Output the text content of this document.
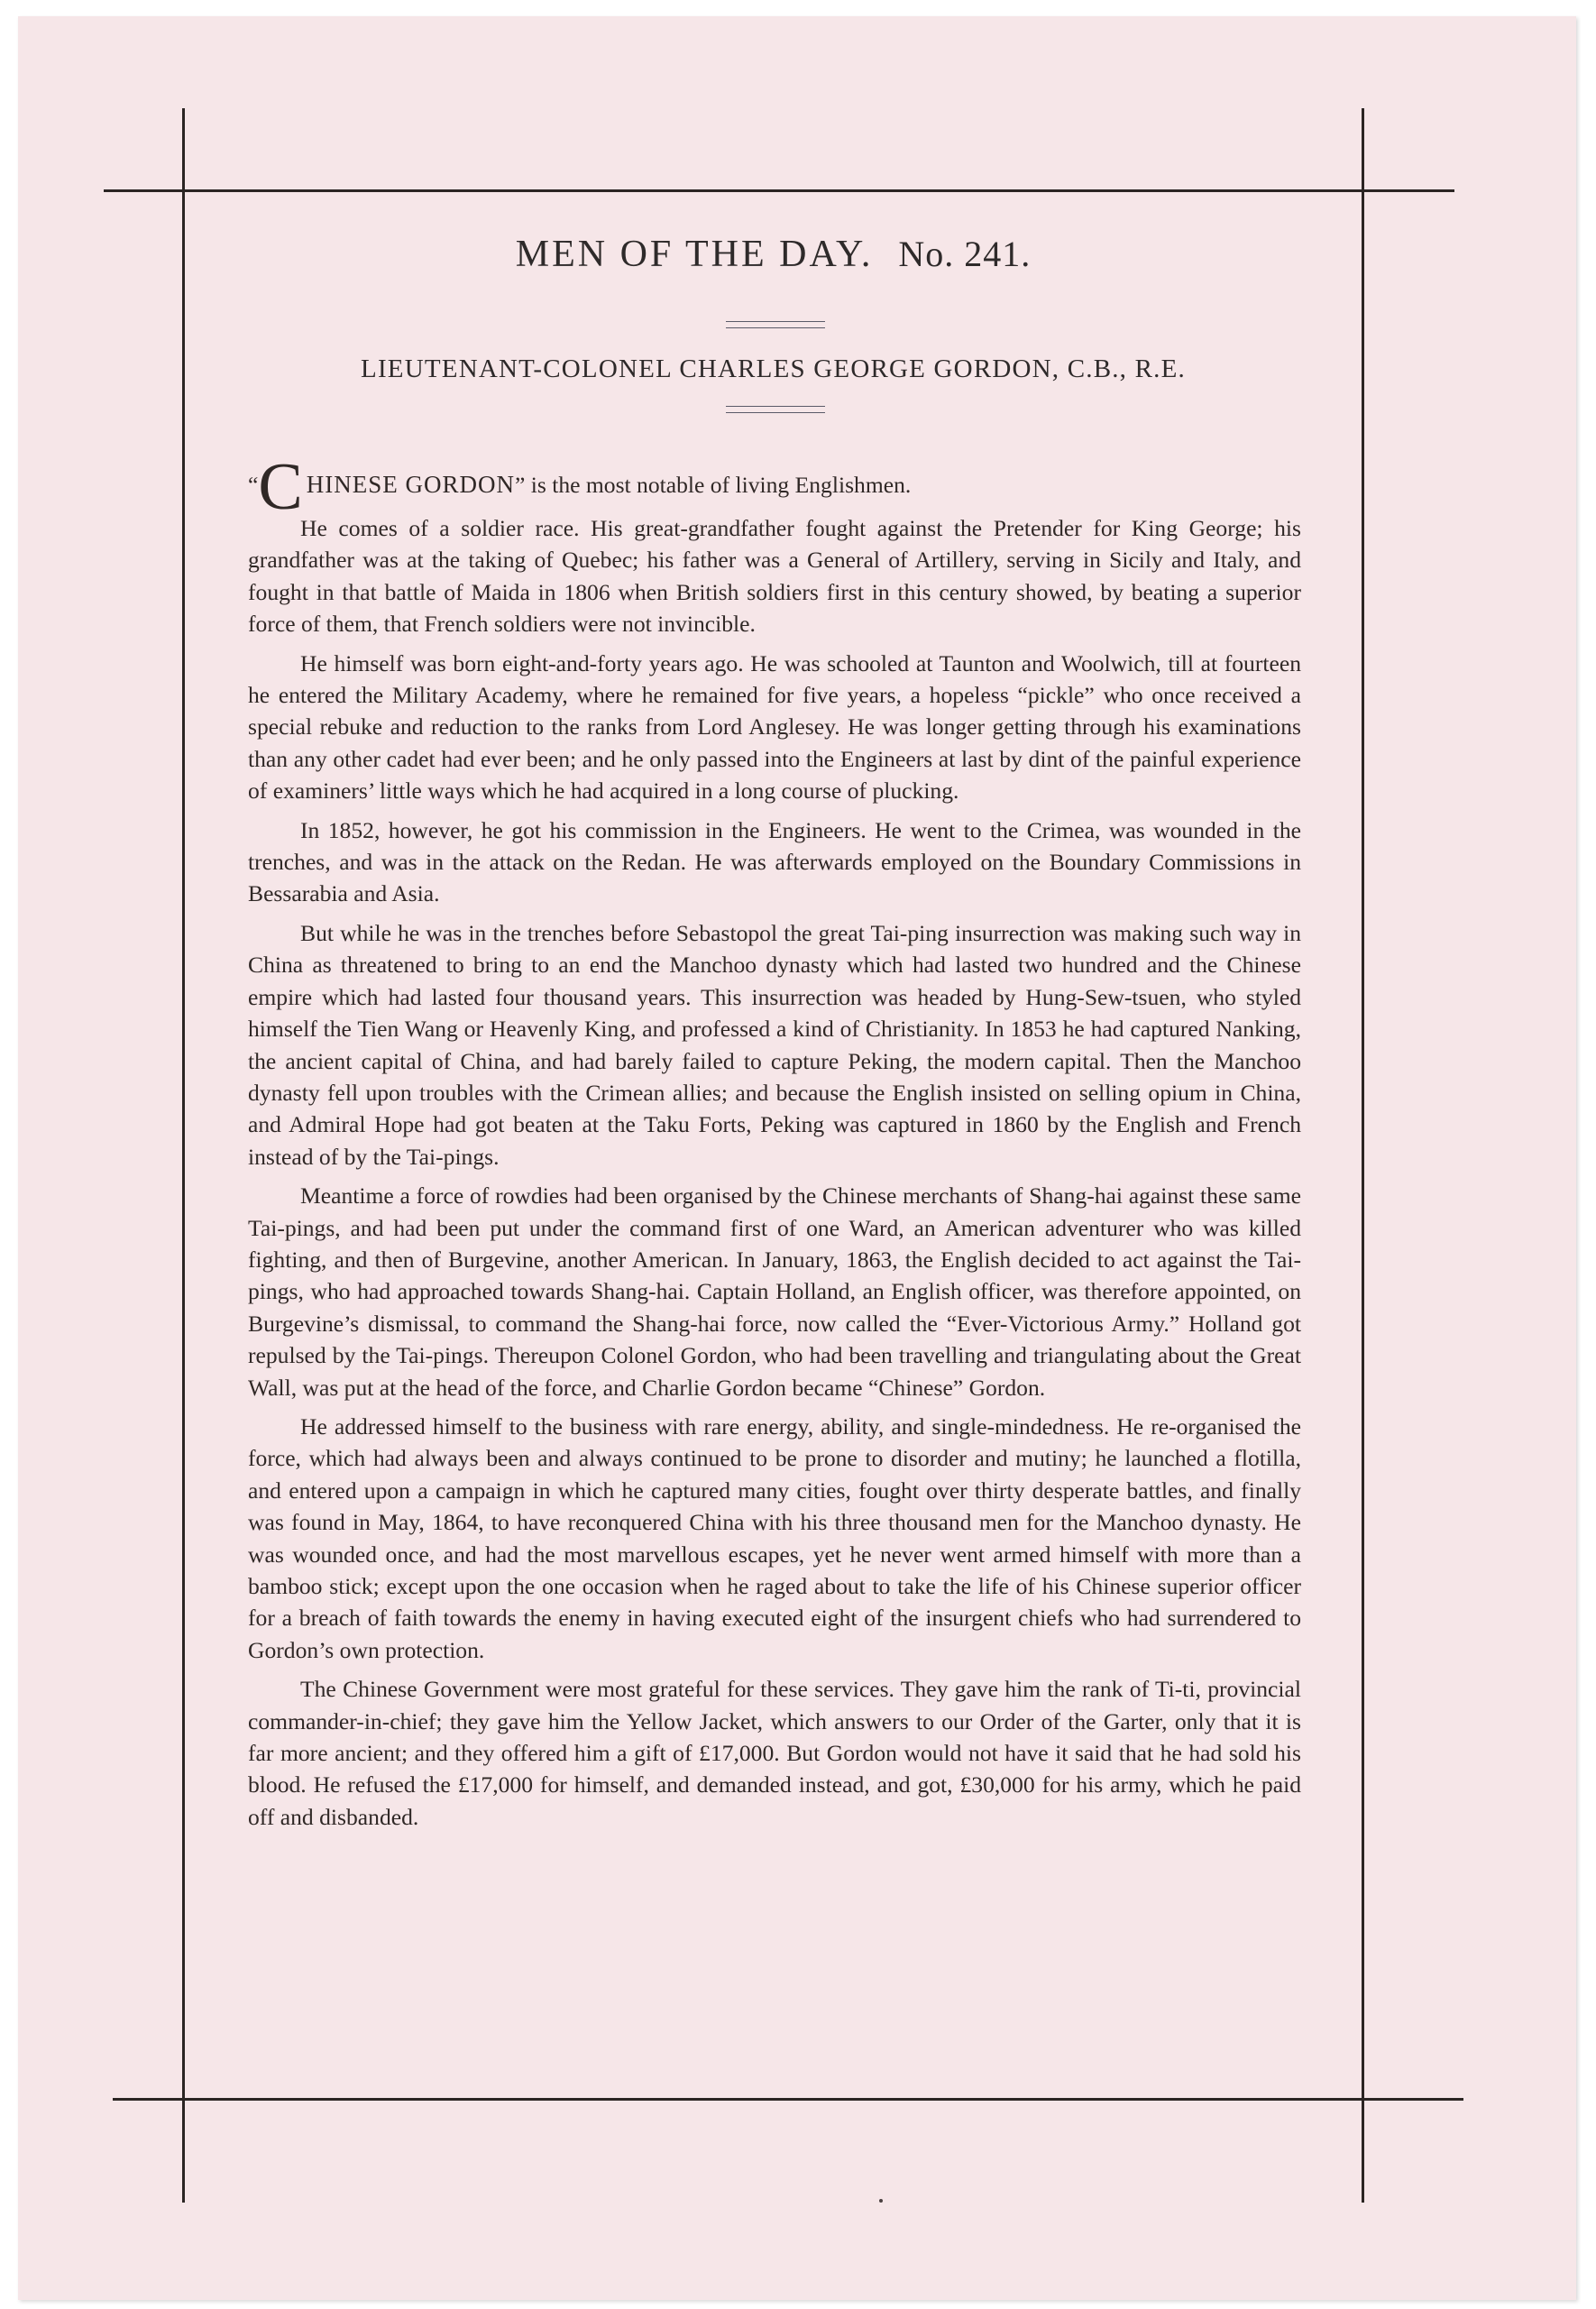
MEN OF THE DAY. No. 241.
LIEUTENANT-COLONEL CHARLES GEORGE GORDON, C.B., R.E.

“C HINESE GORDON” is the most notable of living Englishmen.

He comes of a soldier race. His great-grandfather fought against the Pretender for King George; his grandfather was at the taking of Quebec; his father was a General of Artillery, serving in Sicily and Italy, and fought in that battle of Maida in 1806 when British soldiers first in this century showed, by beating a superior force of them, that French soldiers were not invincible.

He himself was born eight-and-forty years ago. He was schooled at Taunton and Woolwich, till at fourteen he entered the Military Academy, where he remained for five years, a hopeless “pickle” who once received a special rebuke and reduction to the ranks from Lord Anglesey. He was longer getting through his examinations than any other cadet had ever been; and he only passed into the Engineers at last by dint of the painful experience of examiners’ little ways which he had acquired in a long course of plucking.

In 1852, however, he got his commission in the Engineers. He went to the Crimea, was wounded in the trenches, and was in the attack on the Redan. He was afterwards employed on the Boundary Commissions in Bessarabia and Asia.

But while he was in the trenches before Sebastopol the great Tai-ping insurrection was making such way in China as threatened to bring to an end the Manchoo dynasty which had lasted two hundred and the Chinese empire which had lasted four thousand years. This insurrection was headed by Hung-Sew-tsuen, who styled himself the Tien Wang or Heavenly King, and professed a kind of Christianity. In 1853 he had captured Nanking, the ancient capital of China, and had barely failed to capture Peking, the modern capital. Then the Manchoo dynasty fell upon troubles with the Crimean allies; and because the English insisted on selling opium in China, and Admiral Hope had got beaten at the Taku Forts, Peking was captured in 1860 by the English and French instead of by the Tai-pings.

Meantime a force of rowdies had been organised by the Chinese merchants of Shang-hai against these same Tai-pings, and had been put under the command first of one Ward, an American adventurer who was killed fighting, and then of Burgevine, another American. In January, 1863, the English decided to act against the Tai-pings, who had approached towards Shang-hai. Captain Holland, an English officer, was therefore appointed, on Burgevine’s dismissal, to command the Shang-hai force, now called the “Ever-Victorious Army.” Holland got repulsed by the Tai-pings. Thereupon Colonel Gordon, who had been travelling and triangulating about the Great Wall, was put at the head of the force, and Charlie Gordon became “Chinese” Gordon.

He addressed himself to the business with rare energy, ability, and single-mindedness. He re-organised the force, which had always been and always continued to be prone to disorder and mutiny; he launched a flotilla, and entered upon a campaign in which he captured many cities, fought over thirty desperate battles, and finally was found in May, 1864, to have reconquered China with his three thousand men for the Manchoo dynasty. He was wounded once, and had the most marvellous escapes, yet he never went armed himself with more than a bamboo stick; except upon the one occasion when he raged about to take the life of his Chinese superior officer for a breach of faith towards the enemy in having executed eight of the insurgent chiefs who had surrendered to Gordon’s own protection.

The Chinese Government were most grateful for these services. They gave him the rank of Ti-ti, provincial commander-in-chief; they gave him the Yellow Jacket, which answers to our Order of the Garter, only that it is far more ancient; and they offered him a gift of £17,000. But Gordon would not have it said that he had sold his blood. He refused the £17,000 for himself, and demanded instead, and got, £30,000 for his army, which he paid off and disbanded.
